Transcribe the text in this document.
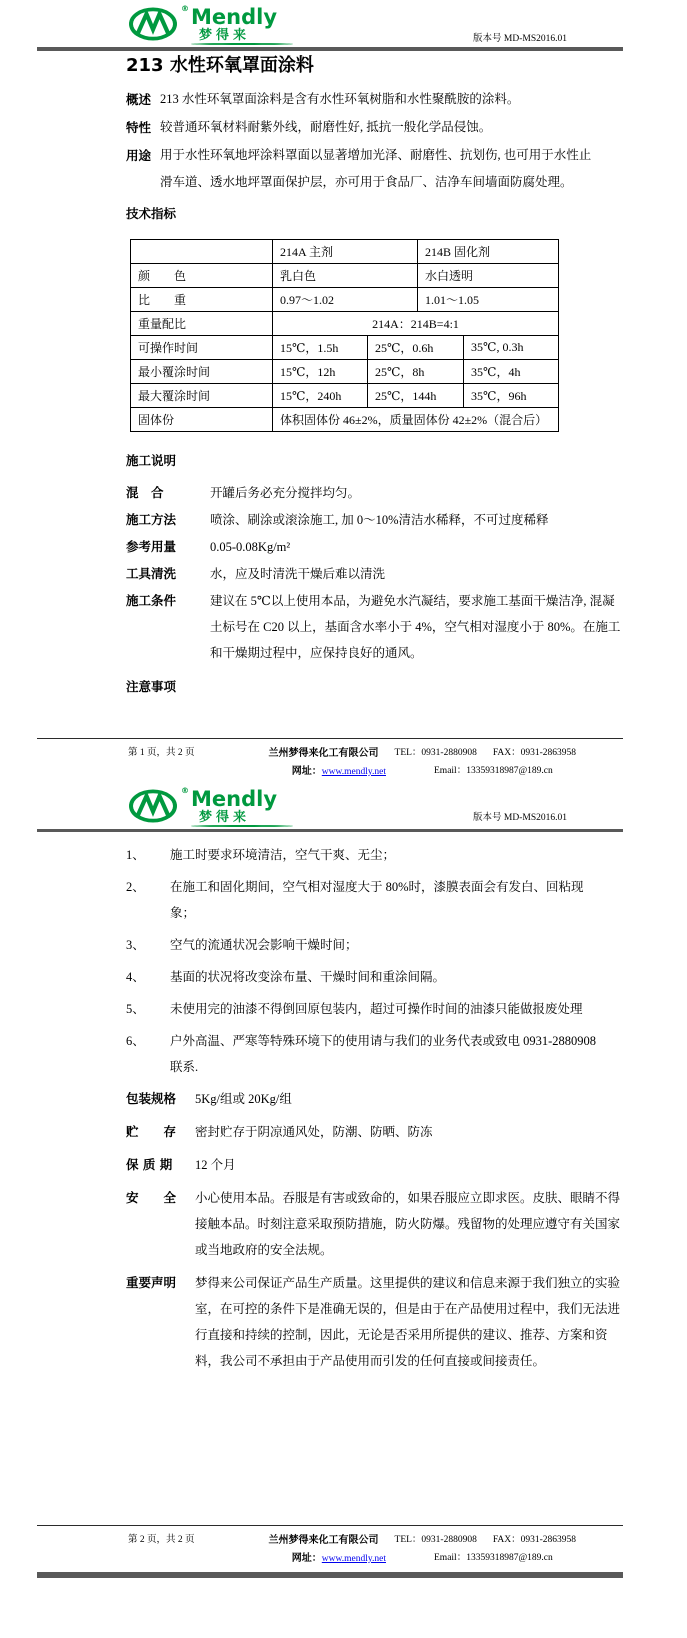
® Mendly
梦得来	版本号 MD-MS2016.01
213 水性环氧罩面涂料
概述 213 水性环氧罩面涂料是含有水性环氧树脂和水性聚酰胺的涂料。
特性 较普通环氧材料耐紫外线，耐磨性好, 抵抗一般化学品侵蚀。
用途 用于水性环氧地坪涂料罩面以显著增加光泽、耐磨性、抗划伤, 也可用于水性止滑车道、透水地坪罩面保护层，亦可用于食品厂、洁净车间墙面防腐处理。
技术指标
	214A 主剂		214B 固化剂	
颜　　色	乳白色		水白透明	
比　　重	0.97～1.02		1.01～1.05	
重量配比	214A：214B=4:1			
可操作时间	15℃，1.5h	25℃，0.6h		35℃, 0.3h
最小覆涂时间	15℃，12h	25℃，8h		35℃，4h
最大覆涂时间	15℃，240h	25℃，144h		35℃，96h
固体份	体积固体份 46±2%，质量固体份 42±2%（混合后）			
施工说明
混　合	开罐后务必充分搅拌均匀。
施工方法	喷涂、刷涂或滚涂施工, 加 0～10%清洁水稀释，不可过度稀释
参考用量	0.05-0.08Kg/m²
工具清洗	水，应及时清洗干燥后难以清洗
施工条件	建议在 5℃以上使用本品，为避免水汽凝结，要求施工基面干燥洁净, 混凝土标号在 C20 以上，基面含水率小于 4%，空气相对湿度小于 80%。在施工和干燥期过程中，应保持良好的通风。
注意事项
第 1 页，共 2 页	兰州梦得来化工有限公司 TEL：0931-2880908 FAX：0931-2863958
网址：www.mendly.net	Email：13359318987@189.cn
® Mendly
梦得来	版本号 MD-MS2016.01
1、	施工时要求环境清洁，空气干爽、无尘；
2、	在施工和固化期间，空气相对湿度大于 80%时，漆膜表面会有发白、回粘现象；
3、	空气的流通状况会影响干燥时间；
4、	基面的状况将改变涂布量、干燥时间和重涂间隔。
5、	未使用完的油漆不得倒回原包装内，超过可操作时间的油漆只能做报废处理
6、	户外高温、严寒等特殊环境下的使用请与我们的业务代表或致电 0931-2880908 联系.
包装规格	5Kg/组或 20Kg/组
贮　　存	密封贮存于阴凉通风处，防潮、防晒、防冻
保 质 期	12 个月
安　　全	小心使用本品。吞服是有害或致命的，如果吞服应立即求医。皮肤、眼睛不得接触本品。时刻注意采取预防措施，防火防爆。残留物的处理应遵守有关国家或当地政府的安全法规。
重要声明	梦得来公司保证产品生产质量。这里提供的建议和信息来源于我们独立的实验室，在可控的条件下是准确无误的，但是由于在产品使用过程中，我们无法进行直接和持续的控制，因此，无论是否采用所提供的建议、推荐、方案和资料，我公司不承担由于产品使用而引发的任何直接或间接责任。
第 2 页，共 2 页	兰州梦得来化工有限公司 TEL：0931-2880908 FAX：0931-2863958
网址：www.mendly.net	Email：13359318987@189.cn
